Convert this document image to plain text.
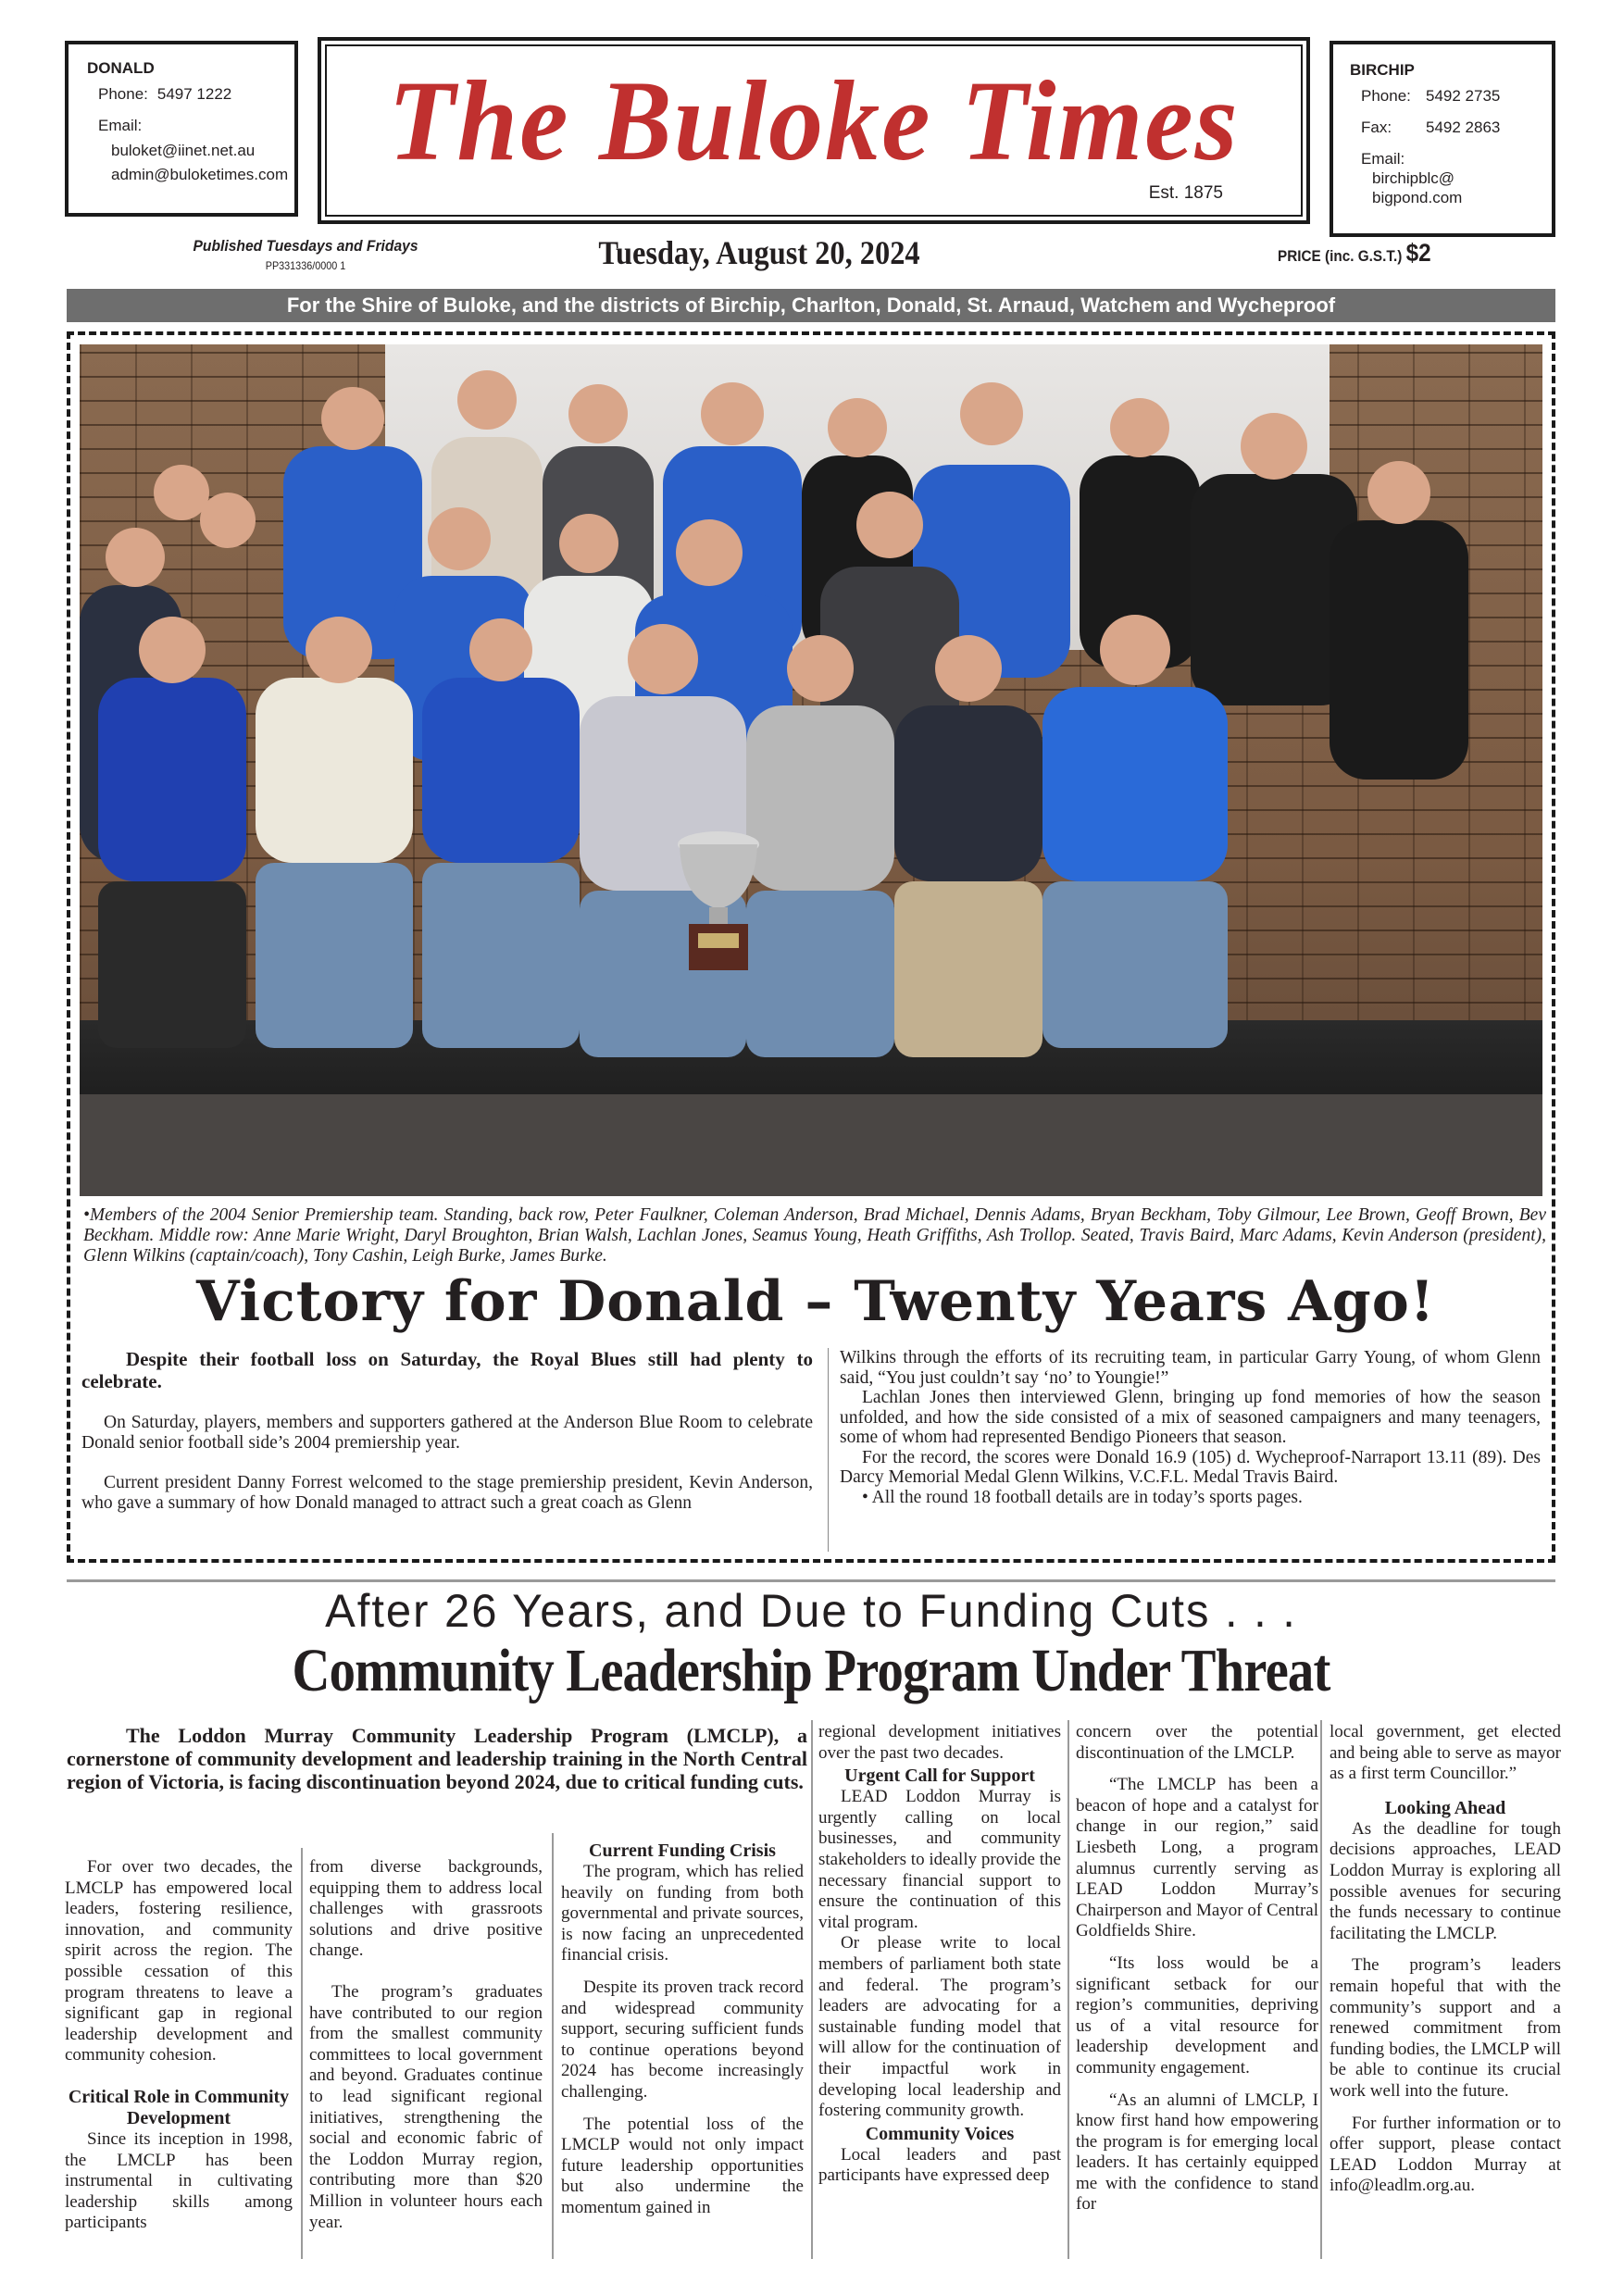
DONALD
Phone: 5497 1222
Email:
buloket@iinet.net.au
admin@buloketimes.com The Buloke Times
Est. 1875
BIRCHIP
Phone: 5492 2735
Fax:	5492 2863
Email:
birchipblc@
bigpond.com
Published Tuesdays and Fridays
PP331336/0000 1	Tuesday, August 20, 2024	PRICE (inc. G.S.T.) $2
For the Shire of Buloke, and the districts of Birchip, Charlton, Donald, St. Arnaud, Watchem and Wycheproof
•Members of the 2004 Senior Premiership team. Standing, back row, Peter Faulkner, Coleman Anderson, Brad Michael, Dennis Adams, Bryan Beckham, Toby Gilmour, Lee Brown, Geoff Brown, Bev Beckham. Middle row: Anne Marie Wright, Daryl Broughton, Brian Walsh, Lachlan Jones, Seamus Young, Heath Griffiths, Ash Trollop. Seated, Travis Baird, Marc Adams, Kevin Anderson (president), Glenn Wilkins (captain/coach), Tony Cashin, Leigh Burke, James Burke.
Victory for Donald – Twenty Years Ago!

Despite their football loss on Saturday, the Royal Blues still had plenty to celebrate.

On Saturday, players, members and supporters gathered at the Anderson Blue Room to celebrate Donald senior football side’s 2004 premiership year.

Current president Danny Forrest welcomed to the stage premiership president, Kevin Anderson, who gave a summary of how Donald managed to attract such a great coach as Glenn

Wilkins through the efforts of its recruiting team, in particular Garry Young, of whom Glenn said, “You just couldn’t say ‘no’ to Youngie!”

Lachlan Jones then interviewed Glenn, bringing up fond memories of how the season unfolded, and how the side consisted of a mix of seasoned campaigners and many teenagers, some of whom had represented Bendigo Pioneers that season.

For the record, the scores were Donald 16.9 (105) d. Wycheproof-Narraport 13.11 (89). Des Darcy Memorial Medal Glenn Wilkins, V.C.F.L. Medal Travis Baird.

• All the round 18 football details are in today’s sports pages.

After 26 Years, and Due to Funding Cuts . . .
Community Leadership Program Under Threat
The Loddon Murray Community Leadership Program (LMCLP), a cornerstone of community development and leadership training in the North Central region of Victoria, is facing discontinuation beyond 2024, due to critical funding cuts.

For over two decades, the LMCLP has empowered local leaders, fostering resilience, innovation, and community spirit across the region. The possible cessation of this program threatens to leave a significant gap in regional leadership development and community cohesion.

Critical Role in Community Development

Since its inception in 1998, the LMCLP has been instrumental in cultivating leadership skills among participants

from diverse backgrounds, equipping them to address local challenges with grassroots solutions and drive positive change.

The program’s graduates have contributed to our region from the smallest community committees to local government and beyond. Graduates continue to lead significant regional initiatives, strengthening the social and economic fabric of the Loddon Murray region, contributing more than $20 Million in volunteer hours each year.

Current Funding Crisis

The program, which has relied heavily on funding from both governmental and private sources, is now facing an unprecedented financial crisis.

Despite its proven track record and widespread community support, securing sufficient funds to continue operations beyond 2024 has become increasingly challenging.

The potential loss of the LMCLP would not only impact future leadership opportunities but also undermine the momentum gained in

regional development initiatives over the past two decades.

Urgent Call for Support

LEAD Loddon Murray is urgently calling on local businesses, and community stakeholders to ideally provide the necessary financial support to ensure the continuation of this vital program.

Or please write to local members of parliament both state and federal. The program’s leaders are advocating for a sustainable funding model that will allow for the continuation of their impactful work in developing local leadership and fostering community growth.

Community Voices

Local leaders and past participants have expressed deep

concern over the potential discontinuation of the LMCLP.

“The LMCLP has been a beacon of hope and a catalyst for change in our region,” said Liesbeth Long, a program alumnus currently serving as LEAD Loddon Murray’s Chairperson and Mayor of Central Goldfields Shire.

“Its loss would be a significant setback for our region’s communities, depriving us of a vital resource for leadership development and community engagement.

“As an alumni of LMCLP, I know first hand how empowering the program is for emerging local leaders. It has certainly equipped me with the confidence to stand for

local government, get elected and being able to serve as mayor as a first term Councillor.”

Looking Ahead

As the deadline for tough decisions approaches, LEAD Loddon Murray is exploring all possible avenues for securing the funds necessary to continue facilitating the LMCLP.

The program’s leaders remain hopeful that with the community’s support and a renewed commitment from funding bodies, the LMCLP will be able to continue its crucial work well into the future.

For further information or to offer support, please contact LEAD Loddon Murray at info@leadlm.org.au.
